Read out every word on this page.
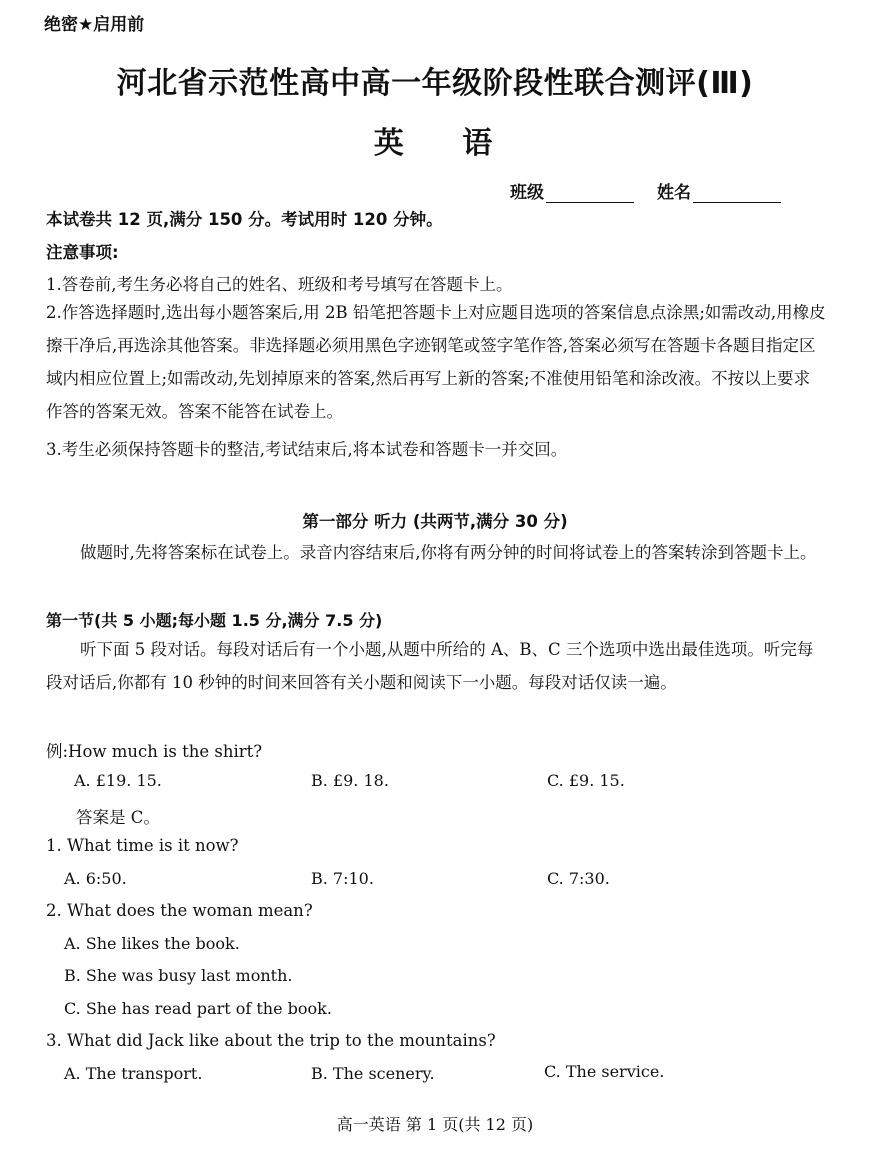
绝密★启用前
河北省示范性高中高一年级阶段性联合测评(Ⅲ)
英 语
班级	姓名
本试卷共 12 页,满分 150 分。考试用时 120 分钟。
注意事项:
1.答卷前,考生务必将自己的姓名、班级和考号填写在答题卡上。
2.作答选择题时,选出每小题答案后,用 2B 铅笔把答题卡上对应题目选项的答案信息点涂黑;如需改动,用橡皮擦干净后,再选涂其他答案。非选择题必须用黑色字迹钢笔或签字笔作答,答案必须写在答题卡各题目指定区域内相应位置上;如需改动,先划掉原来的答案,然后再写上新的答案;不准使用铅笔和涂改液。不按以上要求作答的答案无效。答案不能答在试卷上。
3.考生必须保持答题卡的整洁,考试结束后,将本试卷和答题卡一并交回。
第一部分 听力 (共两节,满分 30 分)
做题时,先将答案标在试卷上。录音内容结束后,你将有两分钟的时间将试卷上的答案转涂到答题卡上。
第一节(共 5 小题;每小题 1.5 分,满分 7.5 分)
听下面 5 段对话。每段对话后有一个小题,从题中所给的 A、B、C 三个选项中选出最佳选项。听完每段对话后,你都有 10 秒钟的时间来回答有关小题和阅读下一小题。每段对话仅读一遍。
例:How much is the shirt?
A. £19. 15.	B. £9. 18.	C. £9. 15.
答案是 C。
1. What time is it now?
A. 6:50.	B. 7:10.	C. 7:30.
2. What does the woman mean?
A. She likes the book.
B. She was busy last month.
C. She has read part of the book.
3. What did Jack like about the trip to the mountains?
A. The transport.	B. The scenery.	C. The service.
高一英语 第 1 页(共 12 页)
